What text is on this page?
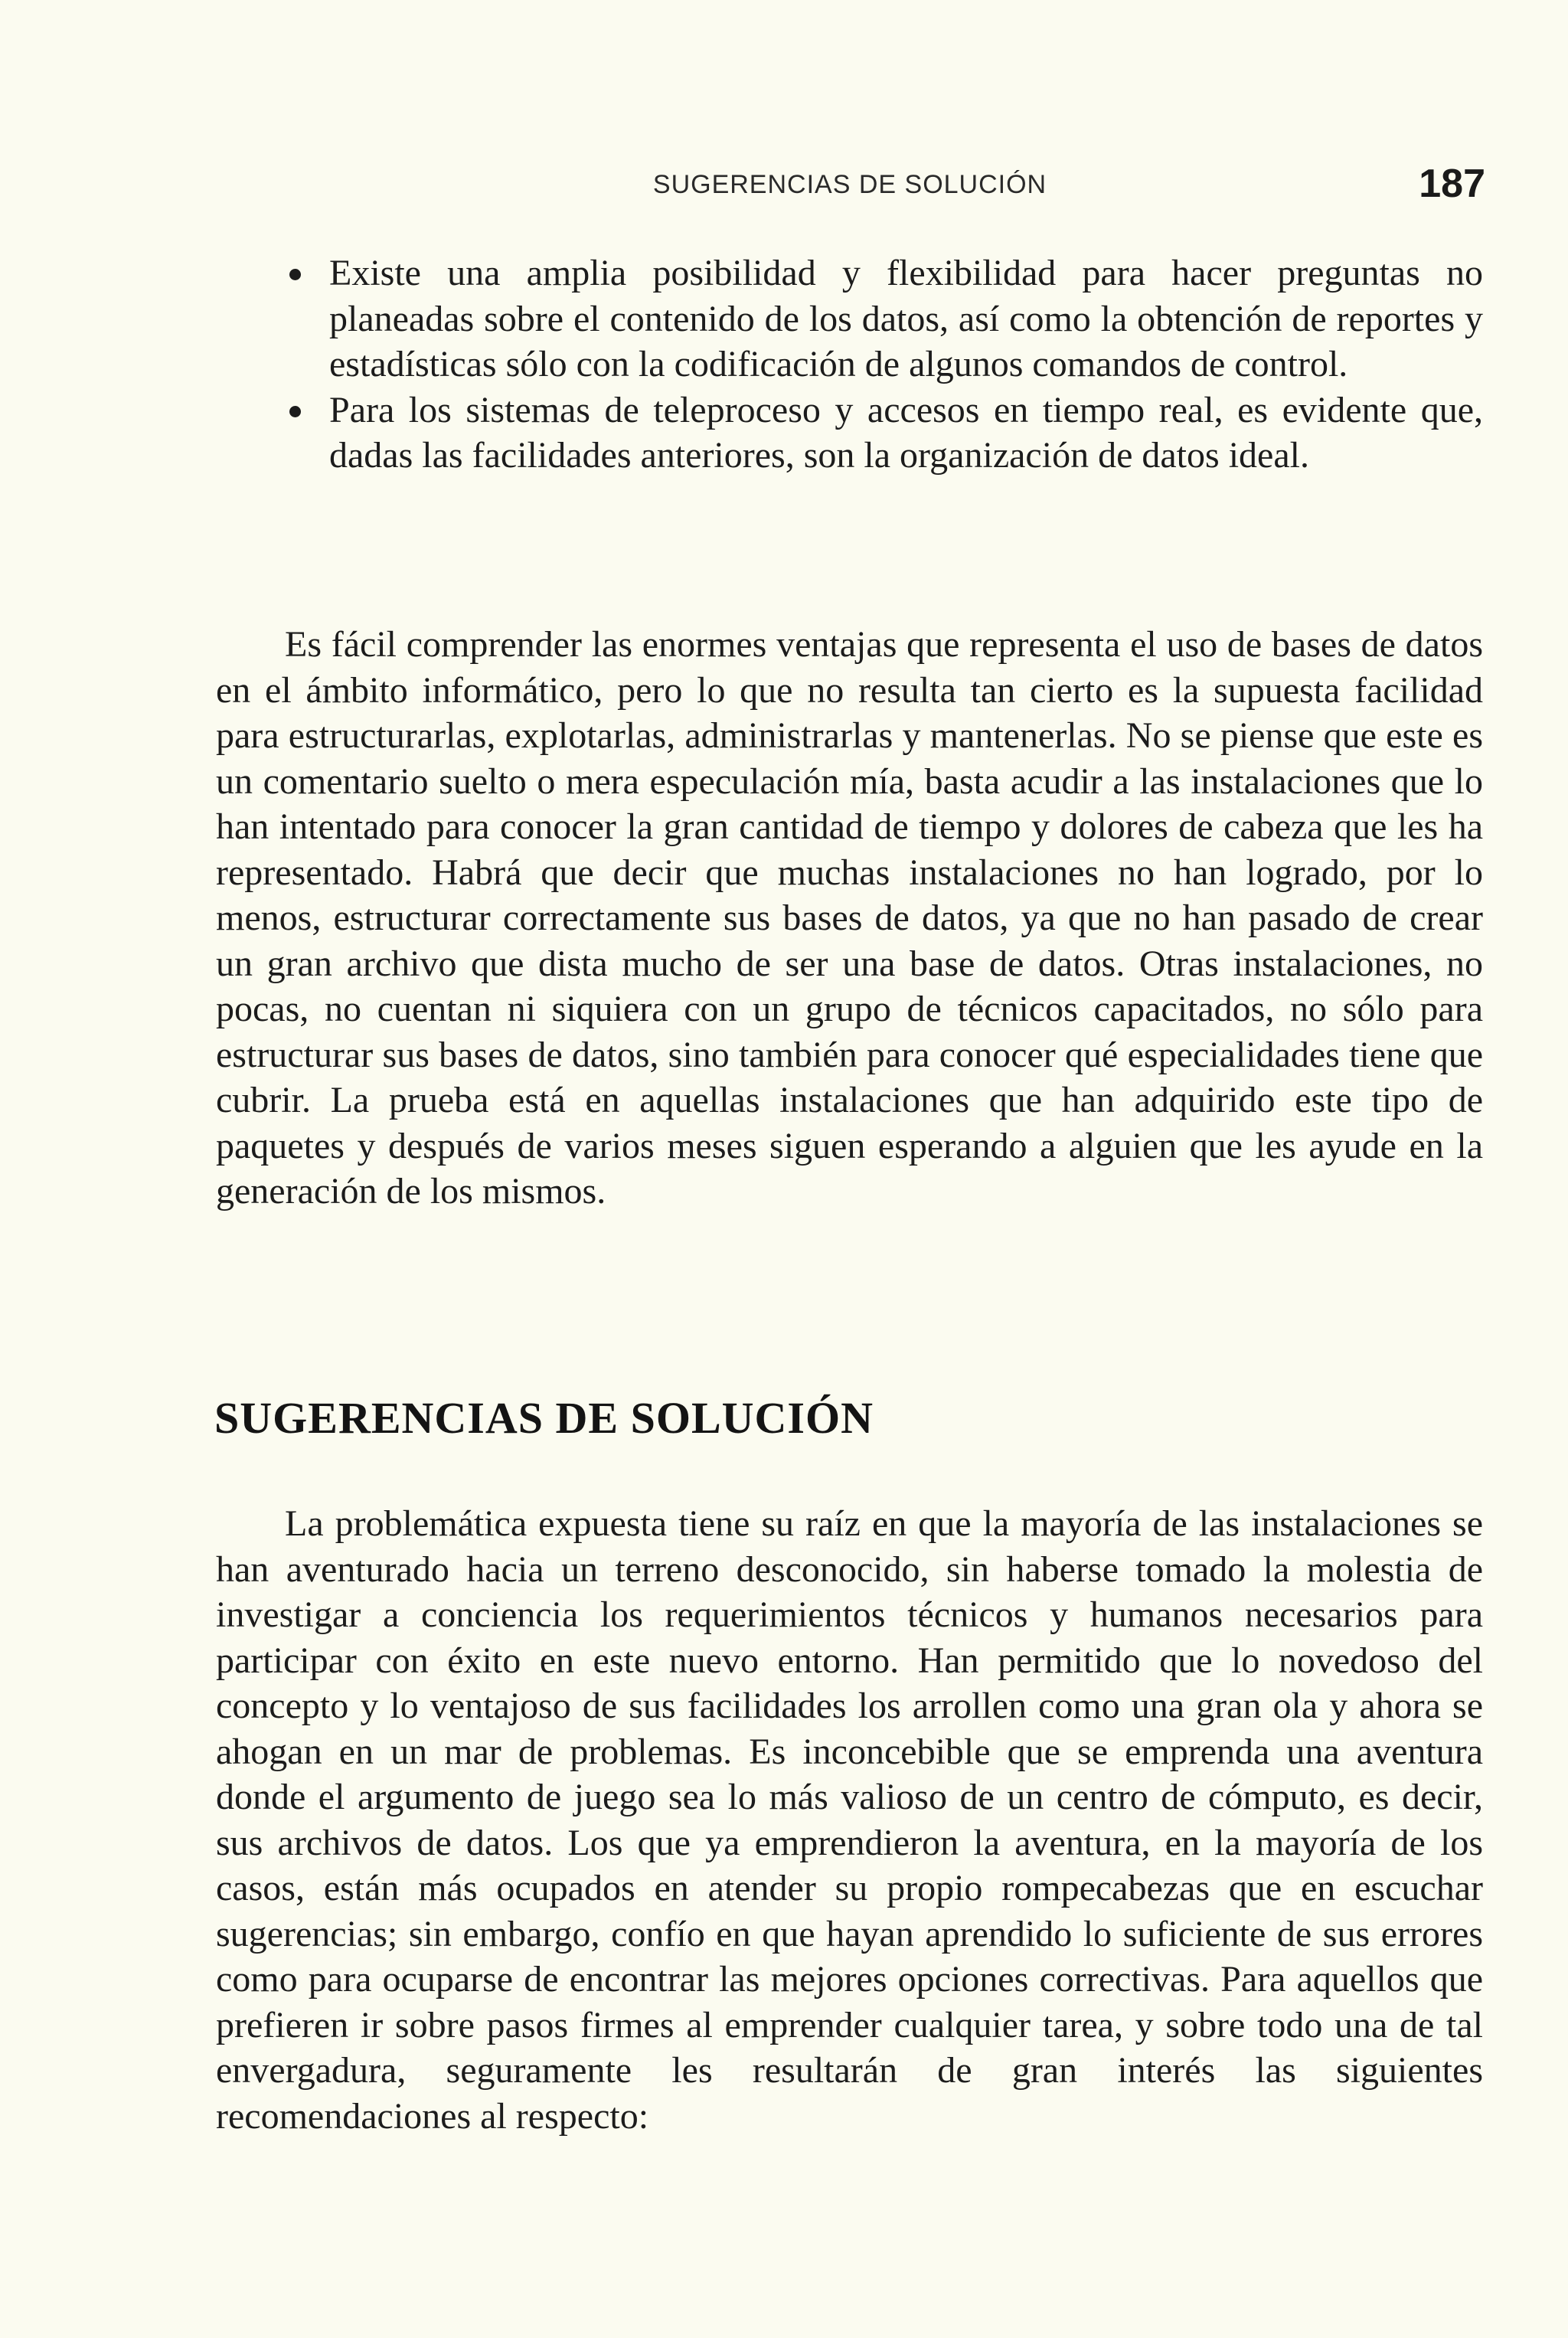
SUGERENCIAS DE SOLUCIÓN	187
Existe una amplia posibilidad y flexibilidad para hacer preguntas no planeadas sobre el contenido de los datos, así como la obtención de reportes y estadísticas sólo con la codificación de algunos comandos de control.
Para los sistemas de teleproceso y accesos en tiempo real, es evidente que, dadas las facilidades anteriores, son la organización de datos ideal.

Es fácil comprender las enormes ventajas que representa el uso de bases de datos en el ámbito informático, pero lo que no resulta tan cierto es la supuesta facilidad para estructurarlas, explotarlas, administrarlas y mantenerlas. No se piense que este es un comentario suelto o mera especulación mía, basta acudir a las instalaciones que lo han intentado para conocer la gran cantidad de tiempo y dolores de cabeza que les ha representado. Habrá que decir que muchas instalaciones no han logrado, por lo menos, estructurar correctamente sus bases de datos, ya que no han pasado de crear un gran archivo que dista mucho de ser una base de datos. Otras instalaciones, no pocas, no cuentan ni siquiera con un grupo de técnicos capacitados, no sólo para estructurar sus bases de datos, sino también para conocer qué especialidades tiene que cubrir. La prueba está en aquellas instalaciones que han adquirido este tipo de paquetes y después de varios meses siguen esperando a alguien que les ayude en la generación de los mismos.

SUGERENCIAS DE SOLUCIÓN

La problemática expuesta tiene su raíz en que la mayoría de las instalaciones se han aventurado hacia un terreno desconocido, sin haberse tomado la molestia de investigar a conciencia los requerimientos técnicos y humanos necesarios para participar con éxito en este nuevo entorno. Han permitido que lo novedoso del concepto y lo ventajoso de sus facilidades los arrollen como una gran ola y ahora se ahogan en un mar de problemas. Es inconcebible que se emprenda una aventura donde el argumento de juego sea lo más valioso de un centro de cómputo, es decir, sus archivos de datos. Los que ya emprendieron la aventura, en la mayoría de los casos, están más ocupados en atender su propio rompecabezas que en escuchar sugerencias; sin embargo, confío en que hayan aprendido lo suficiente de sus errores como para ocuparse de encontrar las mejores opciones correctivas. Para aquellos que prefieren ir sobre pasos firmes al emprender cualquier tarea, y sobre todo una de tal envergadura, seguramente les resultarán de gran interés las siguientes recomendaciones al respecto:
